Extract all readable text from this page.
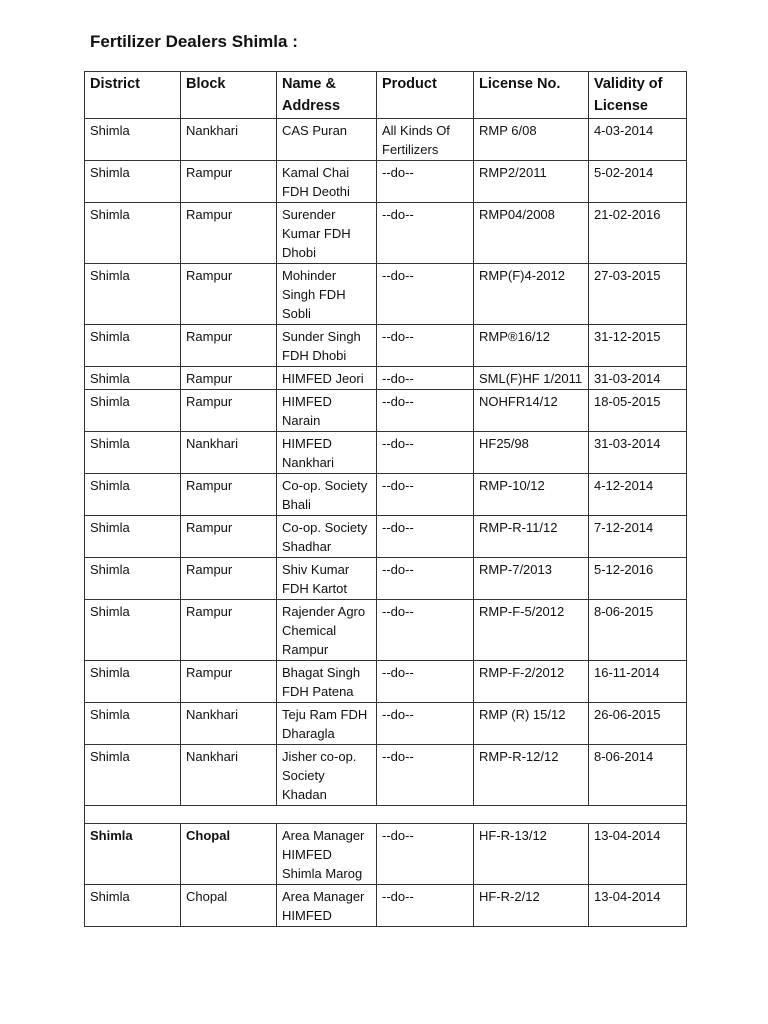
Fertilizer Dealers Shimla :
District	Block	Name & Address	Product	License No.	Validity of License
Shimla	Nankhari	CAS Puran	All Kinds Of Fertilizers	RMP 6/08	4-03-2014
Shimla	Rampur	Kamal Chai FDH Deothi	--do--	RMP2/2011	5-02-2014
Shimla	Rampur	Surender Kumar FDH Dhobi	--do--	RMP04/2008	21-02-2016
Shimla	Rampur	Mohinder Singh FDH Sobli	--do--	RMP(F)4-2012	27-03-2015
Shimla	Rampur	Sunder Singh FDH Dhobi	--do--	RMP®16/12	31-12-2015
Shimla	Rampur	HIMFED Jeori	--do--	SML(F)HF 1/2011	31-03-2014
Shimla	Rampur	HIMFED Narain	--do--	NOHFR14/12	18-05-2015
Shimla	Nankhari	HIMFED Nankhari	--do--	HF25/98	31-03-2014
Shimla	Rampur	Co-op. Society Bhali	--do--	RMP-10/12	4-12-2014
Shimla	Rampur	Co-op. Society Shadhar	--do--	RMP-R-11/12	7-12-2014
Shimla	Rampur	Shiv Kumar FDH Kartot	--do--	RMP-7/2013	5-12-2016
Shimla	Rampur	Rajender Agro Chemical Rampur	--do--	RMP-F-5/2012	8-06-2015
Shimla	Rampur	Bhagat Singh FDH Patena	--do--	RMP-F-2/2012	16-11-2014
Shimla	Nankhari	Teju Ram FDH Dharagla	--do--	RMP (R) 15/12	26-06-2015
Shimla	Nankhari	Jisher co-op. Society Khadan	--do--	RMP-R-12/12	8-06-2014

Shimla	Chopal	Area Manager HIMFED Shimla Marog	--do--	HF-R-13/12	13-04-2014
Shimla	Chopal	Area Manager HIMFED	--do--	HF-R-2/12	13-04-2014
